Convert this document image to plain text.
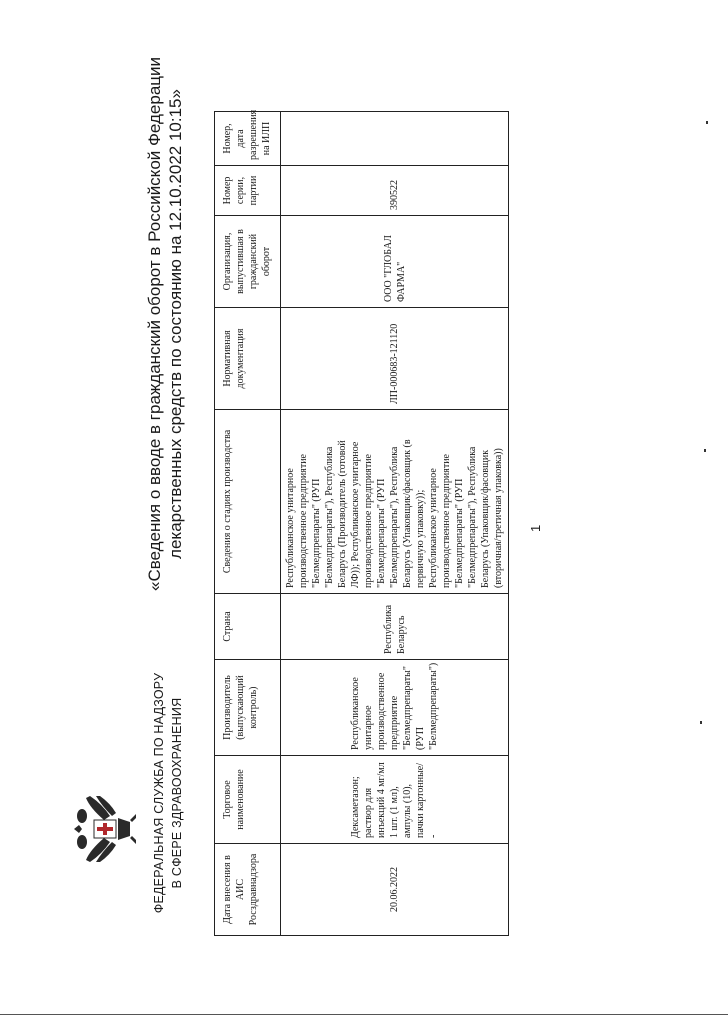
ФЕДЕРАЛЬНАЯ СЛУЖБА ПО НАДЗОРУ В СФЕРЕ ЗДРАВООХРАНЕНИЯ
«Сведения о вводе в гражданский оборот в Российской Федерации лекарственных средств по состоянию на 12.10.2022 10:15»
Дата внесения в АИС Росздравнадзора	Торговое наименование	Производитель (выпускающий контроль)	Страна	Сведения о стадиях производства	Нормативная документация	Организация, выпустившая в гражданский оборот	Номер серии, партии	Номер, дата разрешения на ИЛП
20.06.2022	Дексаметазон; раствор для инъекций 4 мг/мл 1 шт. (1 мл), ампулы (10), пачки картонные/ -	Республиканское унитарное производственное предприятие "Белмедпрепараты" (РУП "Белмедпрепараты")	Республика Беларусь	Республиканское унитарное производственное предприятие "Белмедпрепараты" (РУП "Белмедпрепараты"), Республика Беларусь (Производитель (готовой ЛФ)); Республиканское унитарное производственное предприятие "Белмедпрепараты" (РУП "Белмедпрепараты"), Республика Беларусь (Упаковщик/фасовщик (в первичную упаковку)); Республиканское унитарное производственное предприятие "Белмедпрепараты" (РУП "Белмедпрепараты"), Республика Беларусь (Упаковщик/фасовщик (вторичная/третичная упаковка))	ЛП-000683-121120	ООО "ГЛОБАЛ ФАРМА"	390522	
1
